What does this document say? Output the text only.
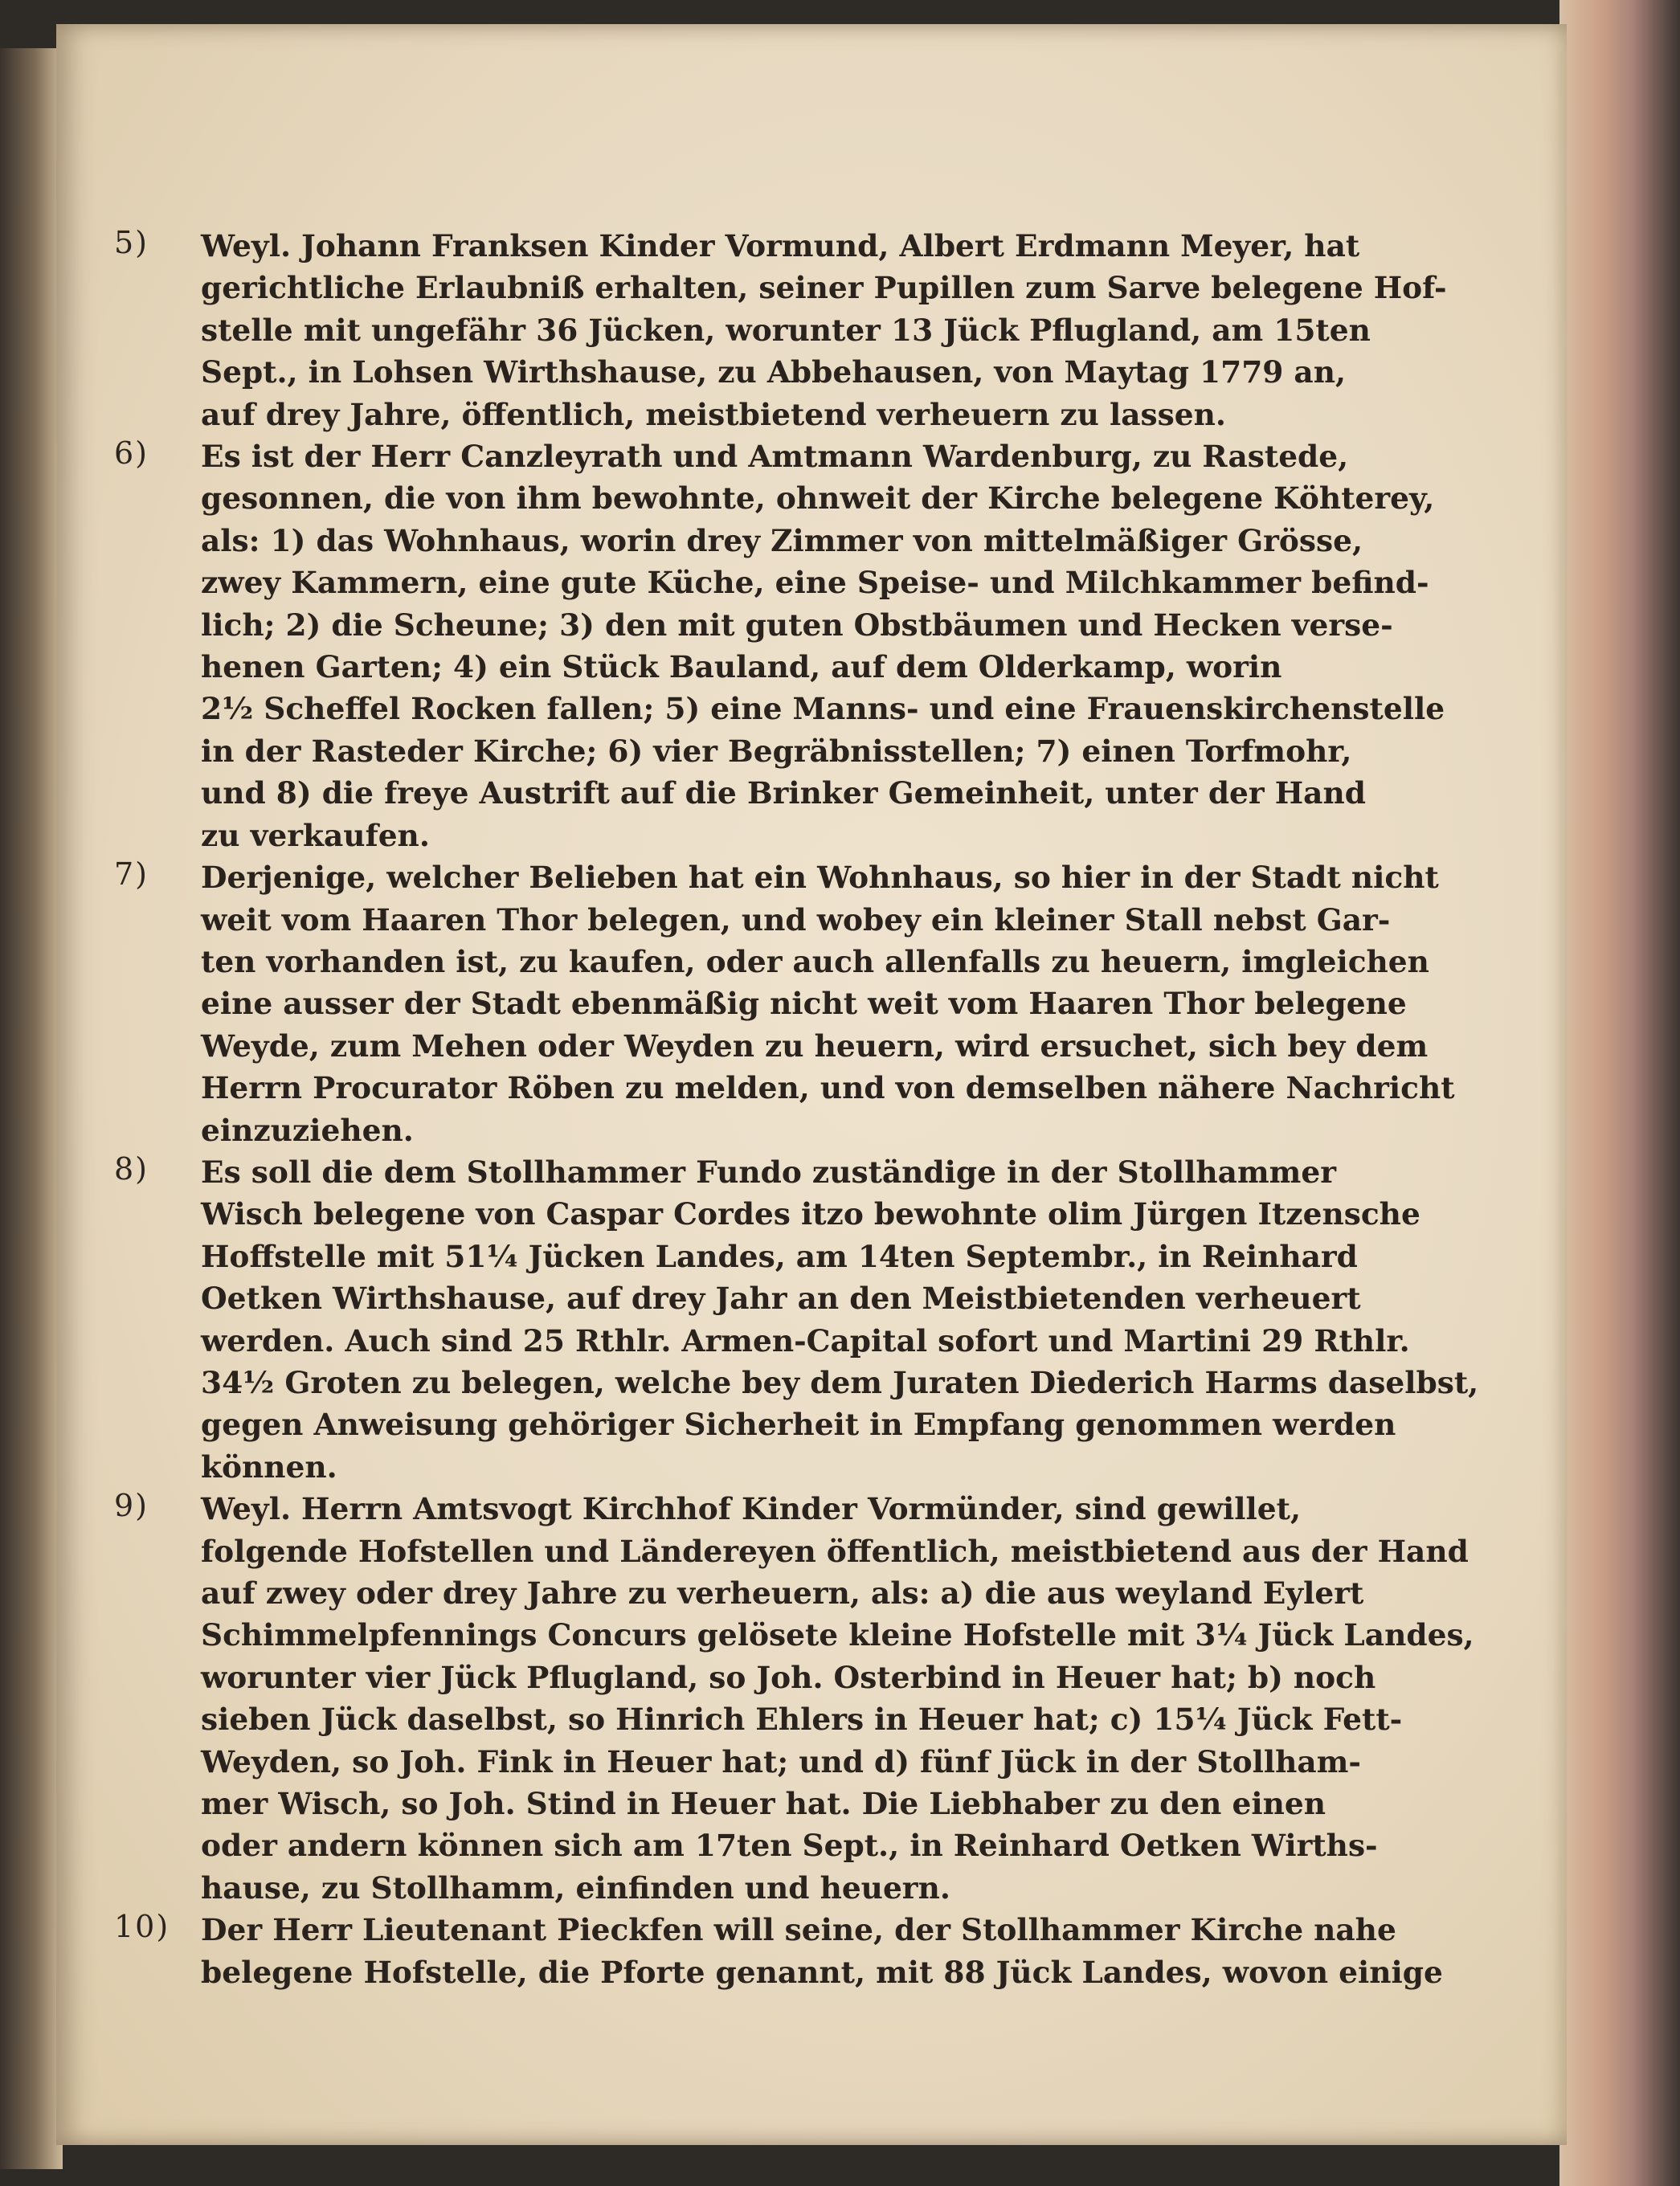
5) Weyl. Johann Franksen Kinder Vormund, Albert Erdmann Meyer, hat
gerichtliche Erlaubniß erhalten, seiner Pupillen zum Sarve belegene Hof-
stelle mit ungefähr 36 Jücken, worunter 13 Jück Pflugland, am 15ten
Sept., in Lohsen Wirthshause, zu Abbehausen, von Maytag 1779 an,
auf drey Jahre, öffentlich, meistbietend verheuern zu lassen.
6) Es ist der Herr Canzleyrath und Amtmann Wardenburg, zu Rastede,
gesonnen, die von ihm bewohnte, ohnweit der Kirche belegene Köhterey,
als: 1) das Wohnhaus, worin drey Zimmer von mittelmäßiger Grösse,
zwey Kammern, eine gute Küche, eine Speise- und Milchkammer befind-
lich; 2) die Scheune; 3) den mit guten Obstbäumen und Hecken verse-
henen Garten; 4) ein Stück Bauland, auf dem Olderkamp, worin
2½ Scheffel Rocken fallen; 5) eine Manns- und eine Frauenskirchenstelle
in der Rasteder Kirche; 6) vier Begräbnisstellen; 7) einen Torfmohr,
und 8) die freye Austrift auf die Brinker Gemeinheit, unter der Hand
zu verkaufen.
7) Derjenige, welcher Belieben hat ein Wohnhaus, so hier in der Stadt nicht
weit vom Haaren Thor belegen, und wobey ein kleiner Stall nebst Gar-
ten vorhanden ist, zu kaufen, oder auch allenfalls zu heuern, imgleichen
eine ausser der Stadt ebenmäßig nicht weit vom Haaren Thor belegene
Weyde, zum Mehen oder Weyden zu heuern, wird ersuchet, sich bey dem
Herrn Procurator Röben zu melden, und von demselben nähere Nachricht
einzuziehen.
8) Es soll die dem Stollhammer Fundo zuständige in der Stollhammer
Wisch belegene von Caspar Cordes itzo bewohnte olim Jürgen Itzensche
Hoffstelle mit 51¼ Jücken Landes, am 14ten Septembr., in Reinhard
Oetken Wirthshause, auf drey Jahr an den Meistbietenden verheuert
werden. Auch sind 25 Rthlr. Armen-Capital sofort und Martini 29 Rthlr.
34½ Groten zu belegen, welche bey dem Juraten Diederich Harms daselbst,
gegen Anweisung gehöriger Sicherheit in Empfang genommen werden
können.
9) Weyl. Herrn Amtsvogt Kirchhof Kinder Vormünder, sind gewillet,
folgende Hofstellen und Ländereyen öffentlich, meistbietend aus der Hand
auf zwey oder drey Jahre zu verheuern, als: a) die aus weyland Eylert
Schimmelpfennings Concurs gelösete kleine Hofstelle mit 3¼ Jück Landes,
worunter vier Jück Pflugland, so Joh. Osterbind in Heuer hat; b) noch
sieben Jück daselbst, so Hinrich Ehlers in Heuer hat; c) 15¼ Jück Fett-
Weyden, so Joh. Fink in Heuer hat; und d) fünf Jück in der Stollham-
mer Wisch, so Joh. Stind in Heuer hat. Die Liebhaber zu den einen
oder andern können sich am 17ten Sept., in Reinhard Oetken Wirths-
hause, zu Stollhamm, einfinden und heuern.
10) Der Herr Lieutenant Pieckfen will seine, der Stollhammer Kirche nahe
belegene Hofstelle, die Pforte genannt, mit 88 Jück Landes, wovon einige
